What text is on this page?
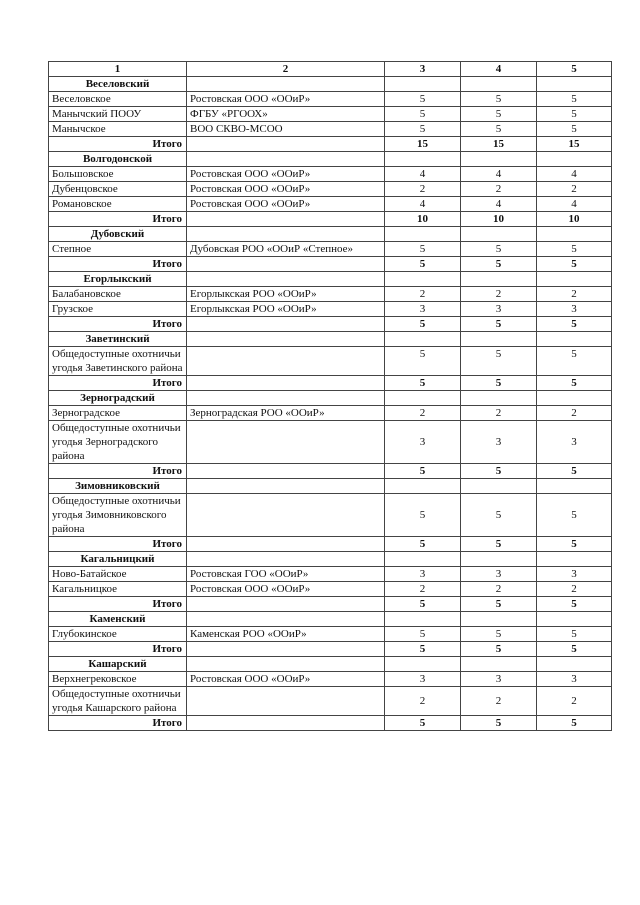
1	2	3	4	5
Веселовский				
Веселовское	Ростовская ООО «ООиР»	5	5	5
Манычский ПООУ	ФГБУ «РГООХ»	5	5	5
Манычское	ВОО СКВО-МСОО	5	5	5
Итого		15	15	15
Волгодонской				
Большовское	Ростовская ООО «ООиР»	4	4	4
Дубенцовское	Ростовская ООО «ООиР»	2	2	2
Романовское	Ростовская ООО «ООиР»	4	4	4
Итого		10	10	10
Дубовский				
Степное	Дубовская РОО «ООиР «Степное»	5	5	5
Итого		5	5	5
Егорлыкский				
Балабановское	Егорлыкская РОО «ООиР»	2	2	2
Грузское	Егорлыкская РОО «ООиР»	3	3	3
Итого		5	5	5
Заветинский				
Общедоступные охотничьи угодья Заветинского района		5	5	5
Итого		5	5	5
Зерноградский				
Зерноградское	Зерноградская РОО «ООиР»	2	2	2
Общедоступные охотничьи угодья Зерноградского района		3	3	3
Итого		5	5	5
Зимовниковский				
Общедоступные охотничьи угодья Зимовниковского района		5	5	5
Итого		5	5	5
Кагальницкий				
Ново-Батайское	Ростовская ГОО «ООиР»	3	3	3
Кагальницкое	Ростовская ООО «ООиР»	2	2	2
Итого		5	5	5
Каменский				
Глубокинское	Каменская РОО «ООиР»	5	5	5
Итого		5	5	5
Кашарский				
Верхнегрековское	Ростовская ООО «ООиР»	3	3	3
Общедоступные охотничьи угодья Кашарского района		2	2	2
Итого		5	5	5
